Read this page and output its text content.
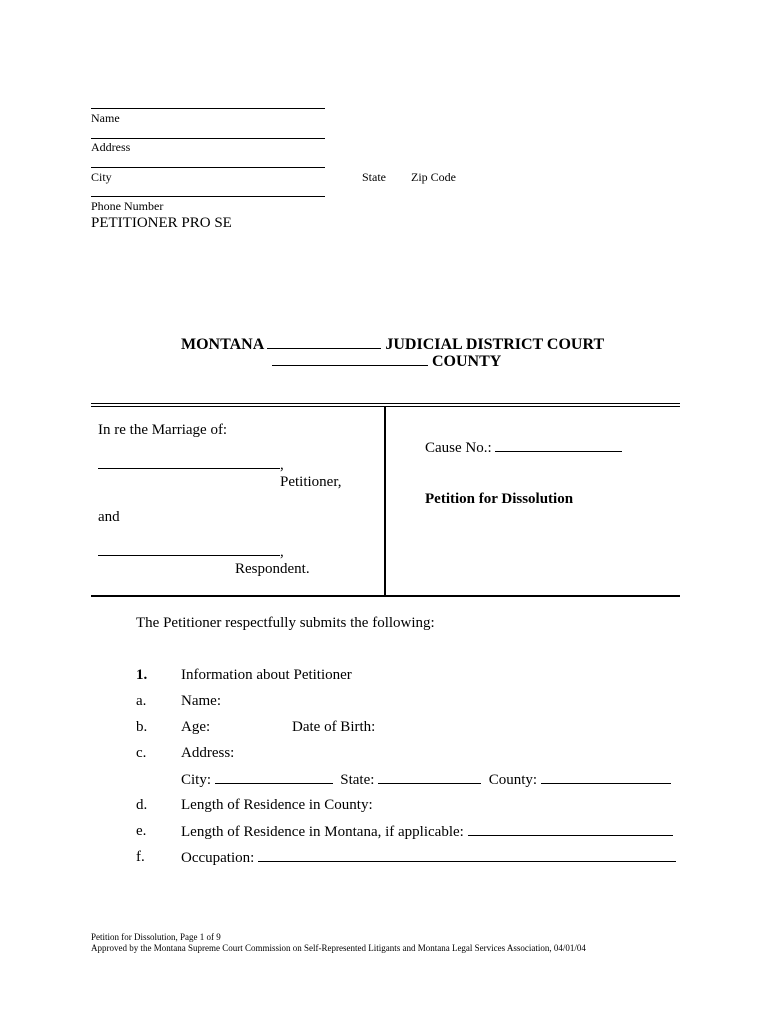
Name
Address
City	State Zip Code
Phone Number
PETITIONER PRO SE
MONTANA	JUDICIAL DISTRICT COURT
COUNTY
In re the Marriage of:
,
Petitioner,
and
,
Respondent.
Cause No.:
Petition for Dissolution
The Petitioner respectfully submits the following:
1. Information about Petitioner
a. Name:
b. Age:	Date of Birth:
c. Address:
City:	State:	County:
d. Length of Residence in County:
e. Length of Residence in Montana, if applicable:
f. Occupation:
Petition for Dissolution, Page 1 of 9
Approved by the Montana Supreme Court Commission on Self-Represented Litigants and Montana Legal Services Association, 04/01/04
